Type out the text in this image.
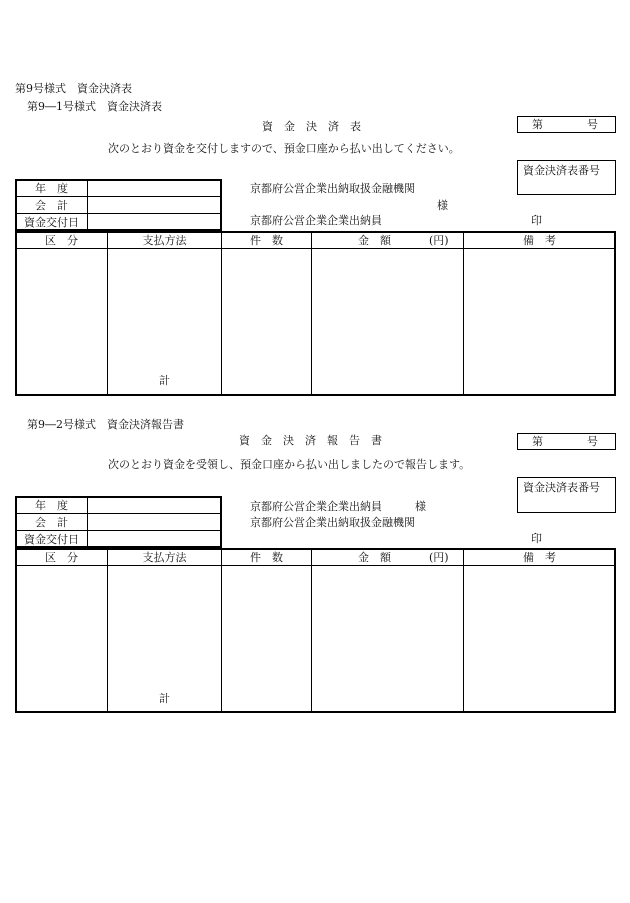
第9号様式　資金決済表
第9―1号様式　資金決済表
資　金　決　済　表	第　　　　号
次のとおり資金を交付しますので、預金口座から払い出してください。
資金決済表番号
年　度
会　計
資金交付日
京都府公営企業出納取扱金融機関
様
京都府公営企業企業出納員	印
区　分	支払方法	件　数	金　額	(円)	備　考
計
第9―2号様式　資金決済報告書
資　金　決　済　報　告　書	第　　　　号
次のとおり資金を受領し、預金口座から払い出しましたので報告します。
資金決済表番号
年　度
会　計
資金交付日
京都府公営企業企業出納員	様
京都府公営企業出納取扱金融機関
印
区　分	支払方法	件　数	金　額	(円)	備　考
計
